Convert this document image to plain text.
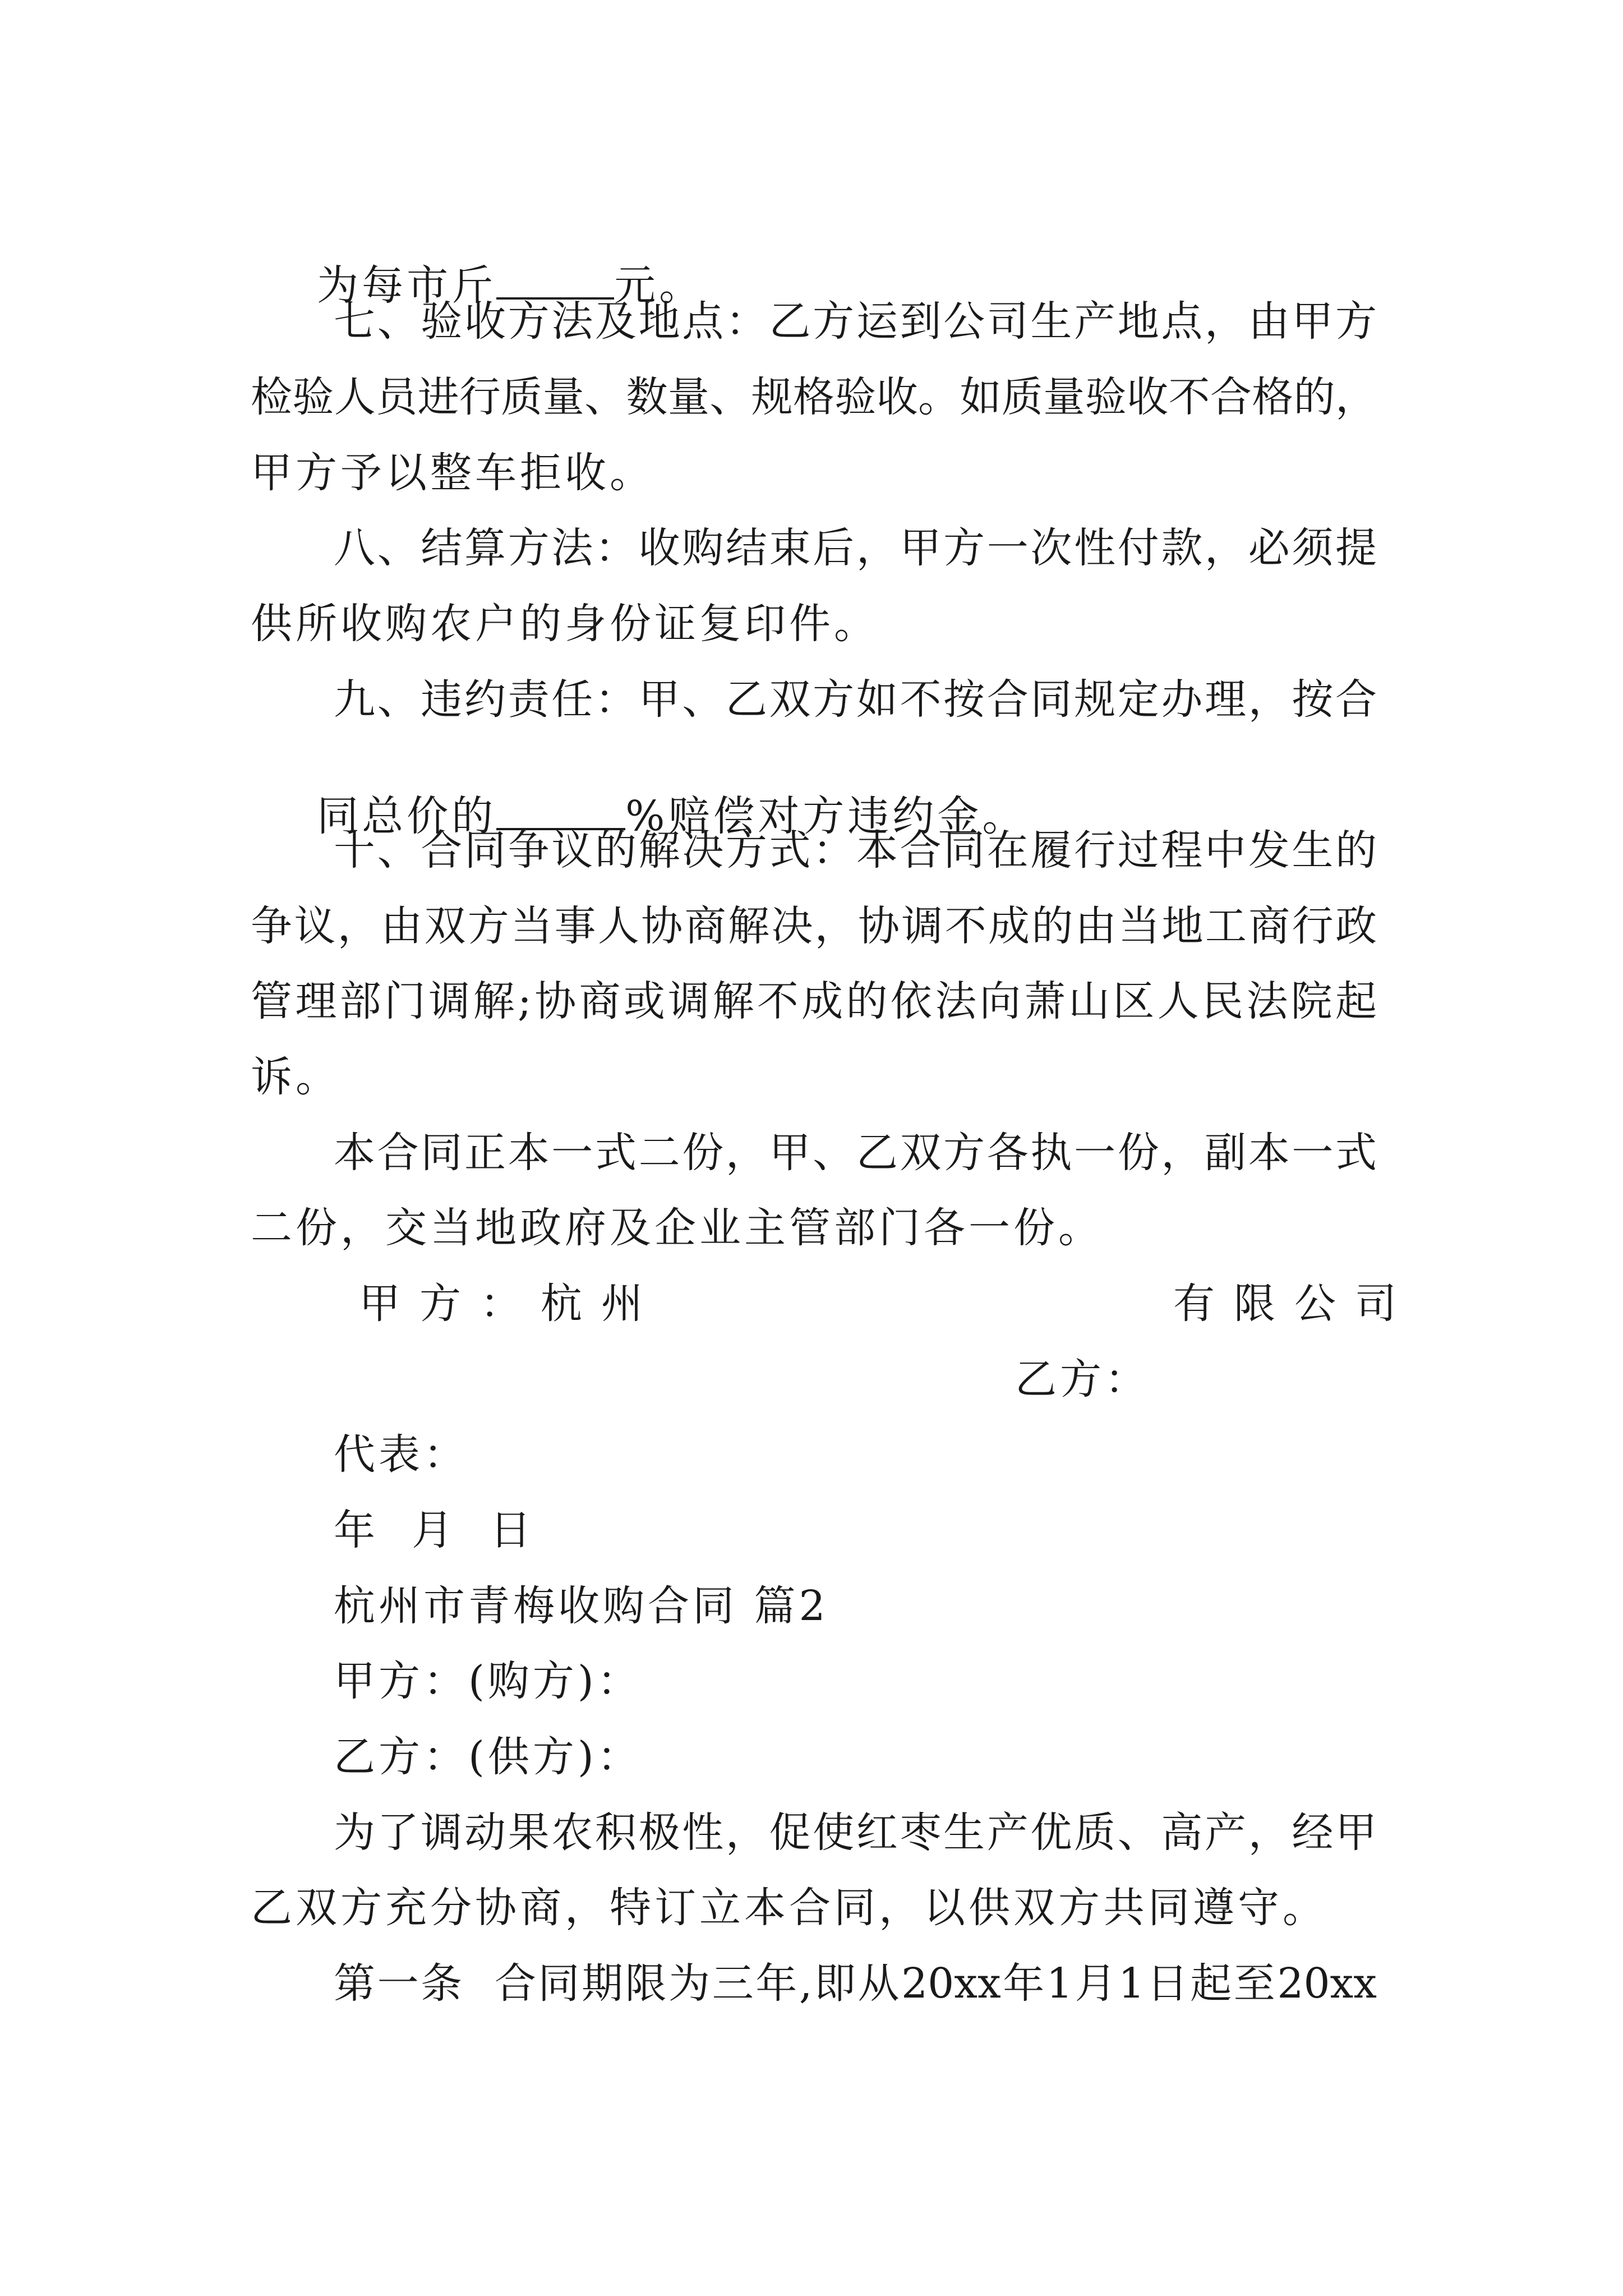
为每市斤	元。

七、验收方法及地点：乙方运到公司生产地点，由甲方
检验人员进行质量、数量、规格验收。如质量验收不合格的，
甲方予以整车拒收。
八、结算方法：收购结束后，甲方一次性付款，必须提
供所收购农户的身份证复印件。
九、违约责任：甲、乙双方如不按合同规定办理，按合

同总价的	%赔偿对方违约金。

十、合同争议的解决方式：本合同在履行过程中发生的
争议，由双方当事人协商解决，协调不成的由当地工商行政
管理部门调解;协商或调解不成的依法向萧山区人民法院起
诉。
本合同正本一式二份，甲、乙双方各执一份，副本一式
二份，交当地政府及企业主管部门各一份。
甲方：杭州	有限公司
乙方：
代表：
年  月  日
杭州市青梅收购合同 篇2
甲方：(购方)：
乙方：(供方)：
为了调动果农积极性，促使红枣生产优质、高产，经甲
乙双方充分协商，特订立本合同，以供双方共同遵守。
第一条  合同期限为三年,即从20xx年1月1日起至20xx
